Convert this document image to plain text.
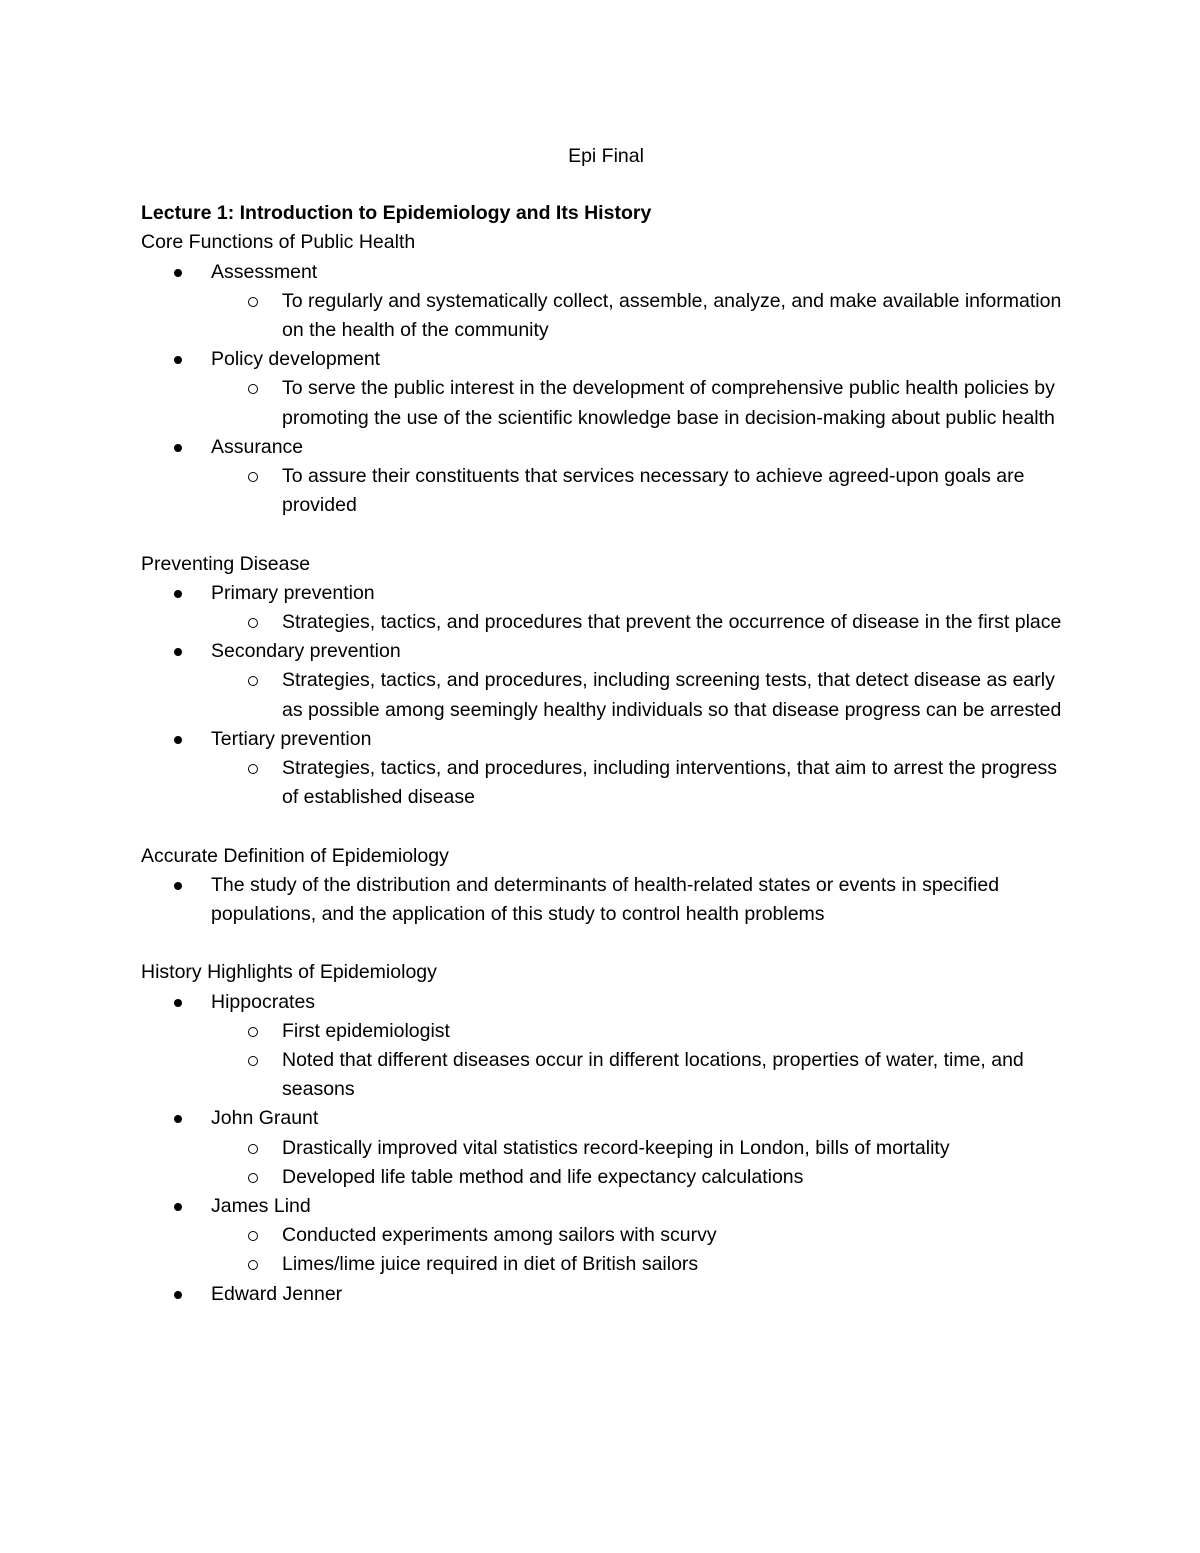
Epi Final
Lecture 1: Introduction to Epidemiology and Its History
Core Functions of Public Health
Assessment
To regularly and systematically collect, assemble, analyze, and make available information on the health of the community
Policy development
To serve the public interest in the development of comprehensive public health policies by promoting the use of the scientific knowledge base in decision-making about public health
Assurance
To assure their constituents that services necessary to achieve agreed-upon goals are provided
Preventing Disease
Primary prevention
Strategies, tactics, and procedures that prevent the occurrence of disease in the first place
Secondary prevention
Strategies, tactics, and procedures, including screening tests, that detect disease as early as possible among seemingly healthy individuals so that disease progress can be arrested
Tertiary prevention
Strategies, tactics, and procedures, including interventions, that aim to arrest the progress of established disease
Accurate Definition of Epidemiology
The study of the distribution and determinants of health-related states or events in specified populations, and the application of this study to control health problems
History Highlights of Epidemiology
Hippocrates
First epidemiologist
Noted that different diseases occur in different locations, properties of water, time, and seasons
John Graunt
Drastically improved vital statistics record-keeping in London, bills of mortality
Developed life table method and life expectancy calculations
James Lind
Conducted experiments among sailors with scurvy
Limes/lime juice required in diet of British sailors
Edward Jenner
